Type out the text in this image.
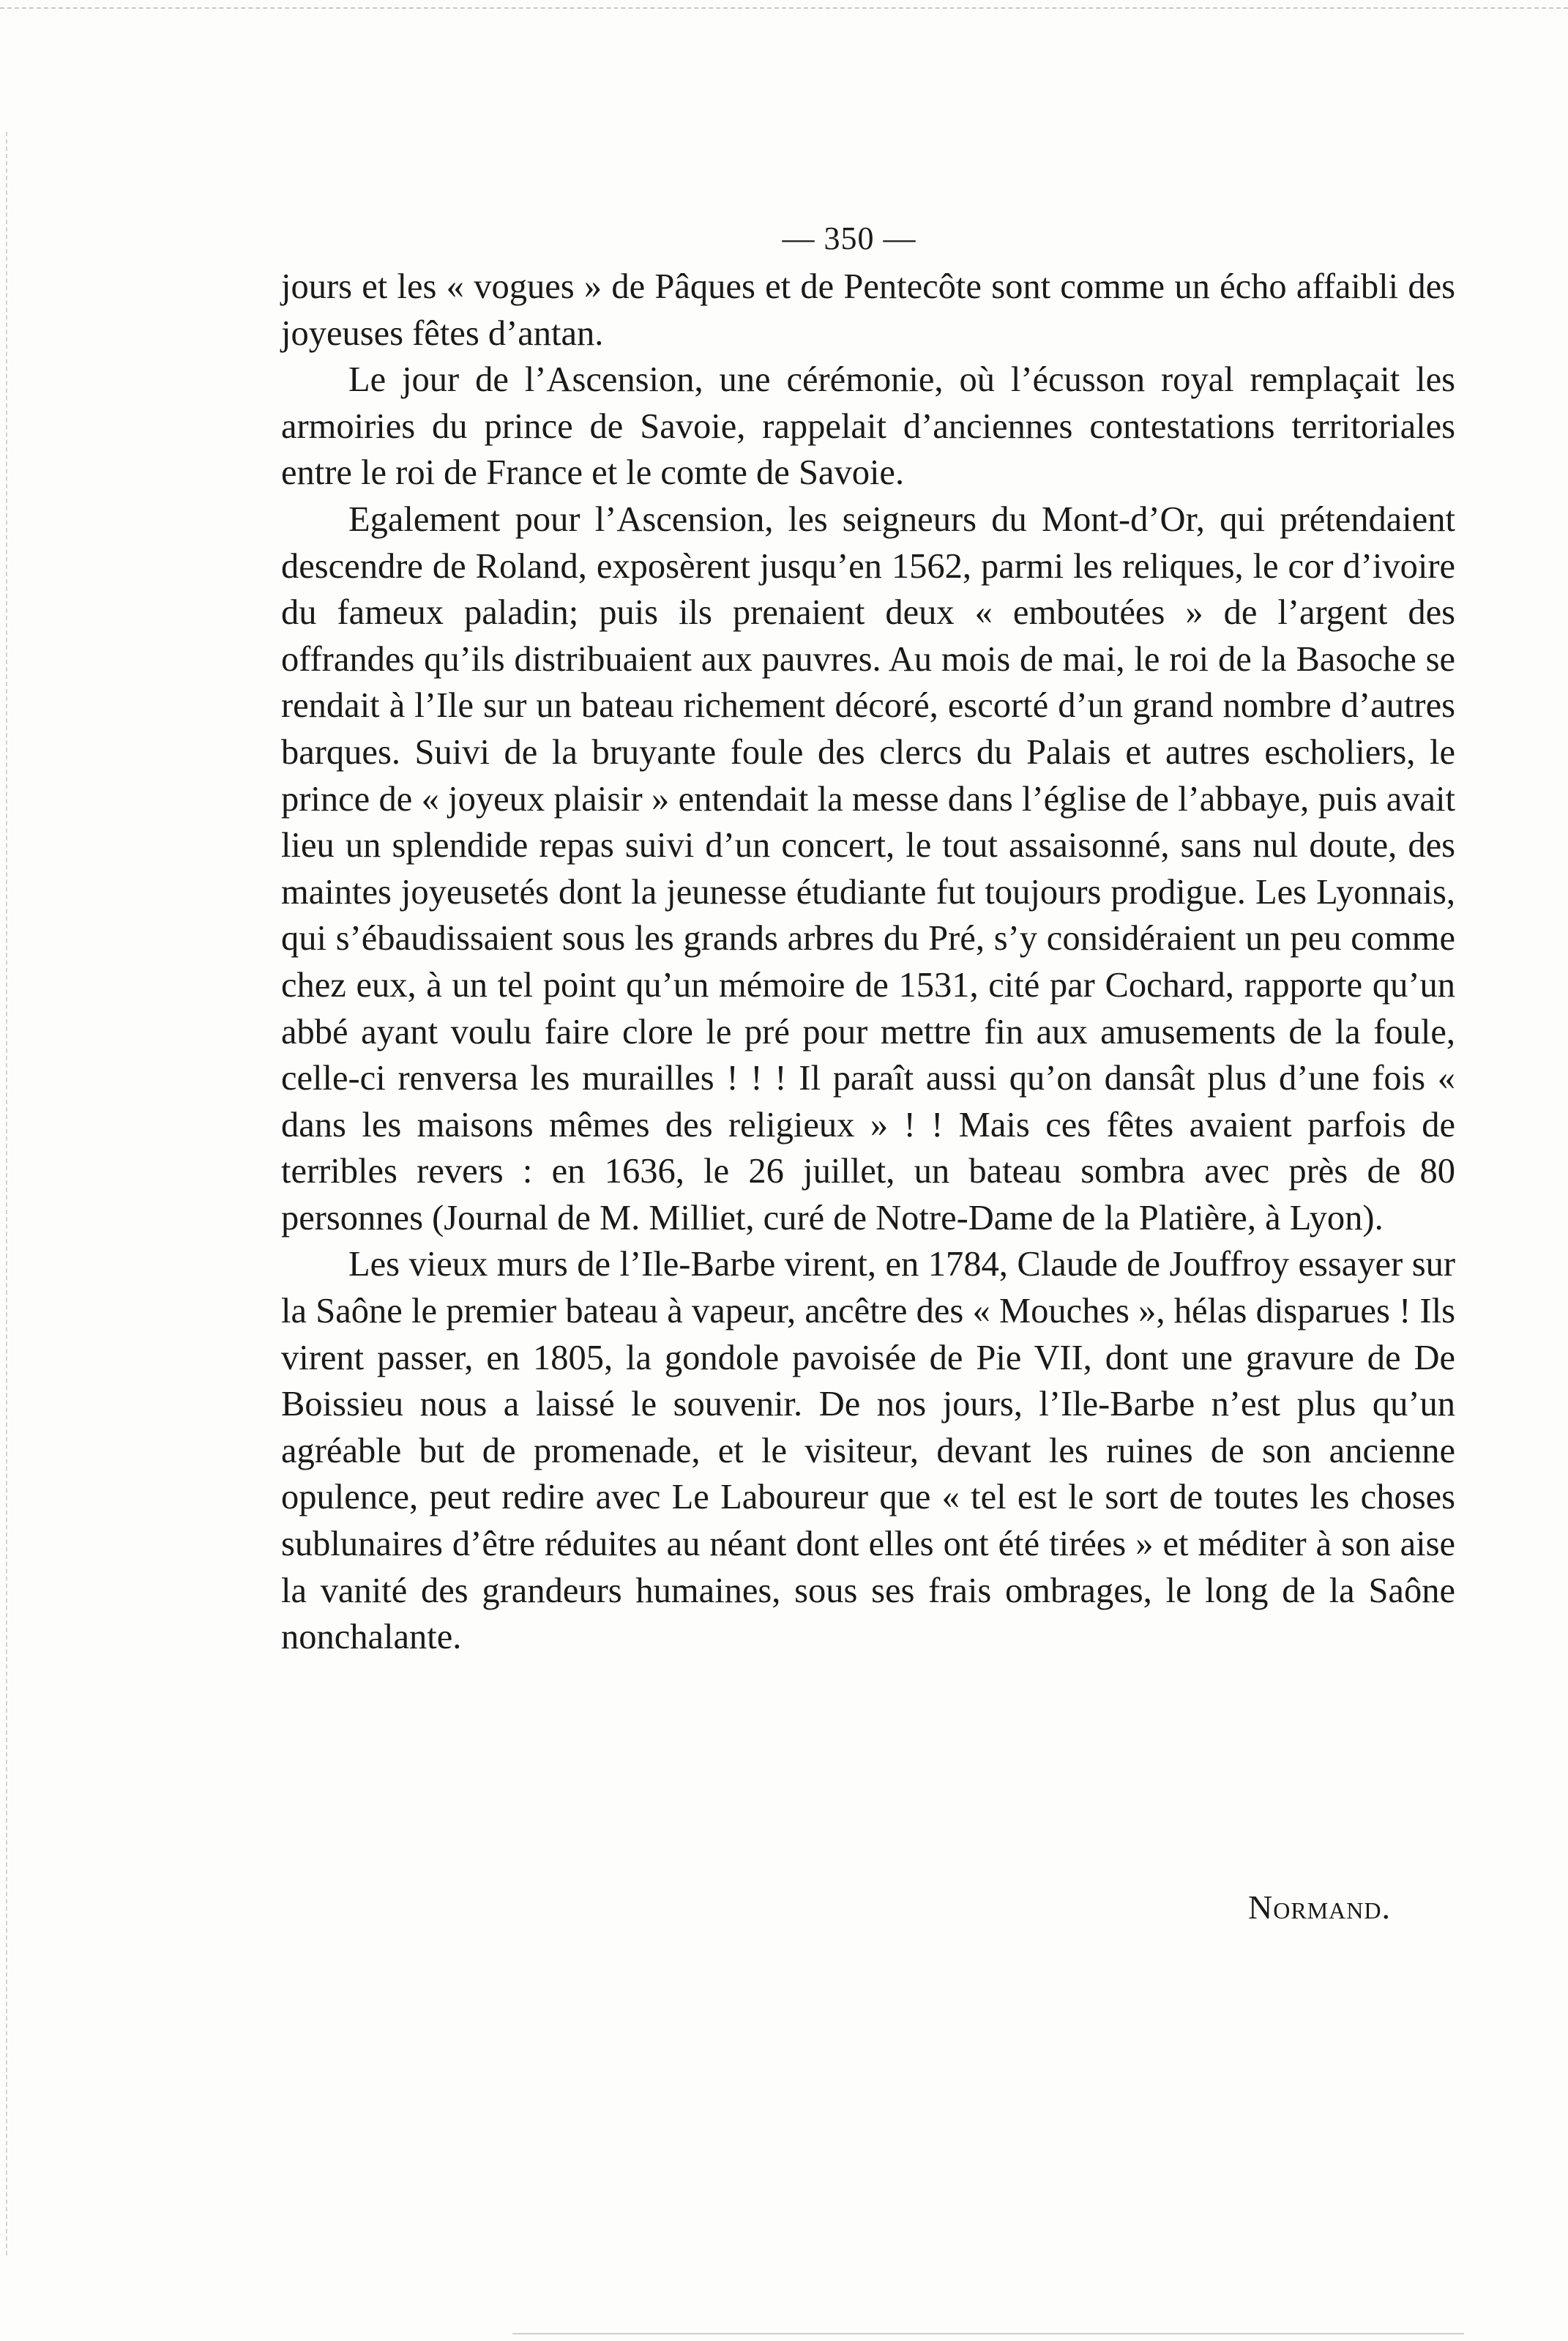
— 350 —

jours et les « vogues » de Pâques et de Pentecôte sont comme un écho affaibli des joyeuses fêtes d’antan.

Le jour de l’Ascension, une cérémonie, où l’écusson royal remplaçait les armoiries du prince de Savoie, rappelait d’anciennes contestations territoriales entre le roi de France et le comte de Savoie.

Egalement pour l’Ascension, les seigneurs du Mont-d’Or, qui prétendaient descendre de Roland, exposèrent jusqu’en 1562, parmi les reliques, le cor d’ivoire du fameux paladin; puis ils prenaient deux « emboutées » de l’argent des offrandes qu’ils distribuaient aux pauvres. Au mois de mai, le roi de la Basoche se rendait à l’Ile sur un bateau richement décoré, escorté d’un grand nombre d’autres barques. Suivi de la bruyante foule des clercs du Palais et autres escholiers, le prince de « joyeux plaisir » entendait la messe dans l’église de l’abbaye, puis avait lieu un splendide repas suivi d’un concert, le tout assaisonné, sans nul doute, des maintes joyeusetés dont la jeunesse étudiante fut toujours prodigue. Les Lyonnais, qui s’ébaudissaient sous les grands arbres du Pré, s’y considéraient un peu comme chez eux, à un tel point qu’un mémoire de 1531, cité par Cochard, rapporte qu’un abbé ayant voulu faire clore le pré pour mettre fin aux amusements de la foule, celle-ci renversa les murailles ! ! ! Il paraît aussi qu’on dansât plus d’une fois « dans les maisons mêmes des religieux » ! ! Mais ces fêtes avaient parfois de terribles revers : en 1636, le 26 juillet, un bateau sombra avec près de 80 personnes (Journal de M. Milliet, curé de Notre-Dame de la Platière, à Lyon).

Les vieux murs de l’Ile-Barbe virent, en 1784, Claude de Jouffroy essayer sur la Saône le premier bateau à vapeur, ancêtre des « Mouches », hélas disparues ! Ils virent passer, en 1805, la gondole pavoisée de Pie VII, dont une gravure de De Boissieu nous a laissé le souvenir. De nos jours, l’Ile-Barbe n’est plus qu’un agréable but de promenade, et le visiteur, devant les ruines de son ancienne opulence, peut redire avec Le Laboureur que « tel est le sort de toutes les choses sublunaires d’être réduites au néant dont elles ont été tirées » et méditer à son aise la vanité des grandeurs humaines, sous ses frais ombrages, le long de la Saône nonchalante.

Normand.
